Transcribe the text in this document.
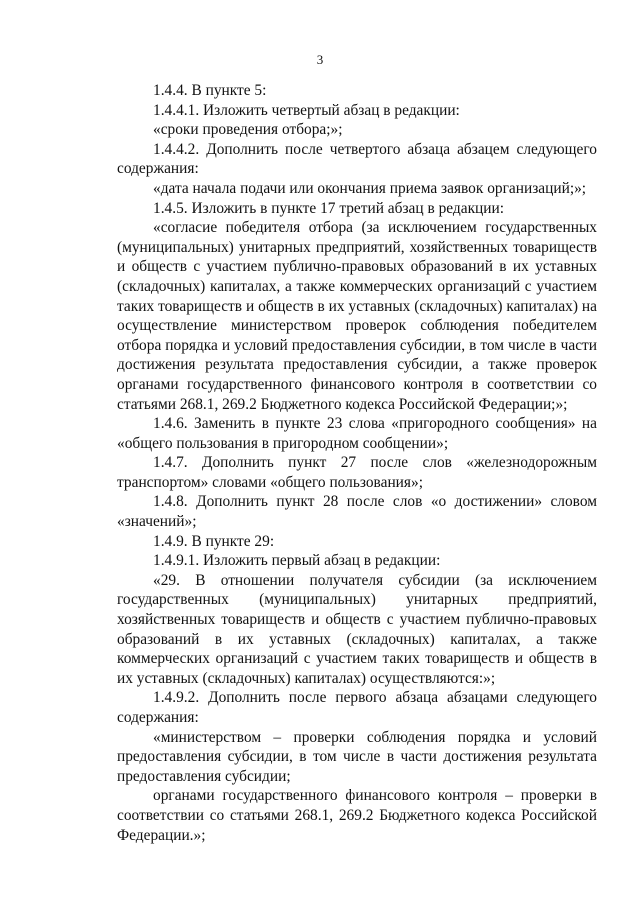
3

1.4.4. В пункте 5:

1.4.4.1. Изложить четвертый абзац в редакции:

«сроки проведения отбора;»;

1.4.4.2. Дополнить после четвертого абзаца абзацем следующего содержания:

«дата начала подачи или окончания приема заявок организаций;»;

1.4.5. Изложить в пункте 17 третий абзац в редакции:

«согласие победителя отбора (за исключением государственных (муниципальных) унитарных предприятий, хозяйственных товариществ и обществ с участием публично-правовых образований в их уставных (складочных) капиталах, а также коммерческих организаций с участием таких товариществ и обществ в их уставных (складочных) капиталах) на осуществление министерством проверок соблюдения победителем отбора порядка и условий предоставления субсидии, в том числе в части достижения результата предоставления субсидии, а также проверок органами государственного финансового контроля в соответствии со статьями 268.1, 269.2 Бюджетного кодекса Российской Федерации;»;

1.4.6. Заменить в пункте 23 слова «пригородного сообщения» на «общего пользования в пригородном сообщении»;

1.4.7. Дополнить пункт 27 после слов «железнодорожным транспортом» словами «общего пользования»;

1.4.8. Дополнить пункт 28 после слов «о достижении» словом «значений»;

1.4.9. В пункте 29:

1.4.9.1. Изложить первый абзац в редакции:

«29. В отношении получателя субсидии (за исключением государственных (муниципальных) унитарных предприятий, хозяйственных товариществ и обществ с участием публично-правовых образований в их уставных (складочных) капиталах, а также коммерческих организаций с участием таких товариществ и обществ в их уставных (складочных) капиталах) осуществляются:»;

1.4.9.2. Дополнить после первого абзаца абзацами следующего содержания:

«министерством – проверки соблюдения порядка и условий предоставления субсидии, в том числе в части достижения результата предоставления субсидии;

органами государственного финансового контроля – проверки в соответствии со статьями 268.1, 269.2 Бюджетного кодекса Российской Федерации.»;
